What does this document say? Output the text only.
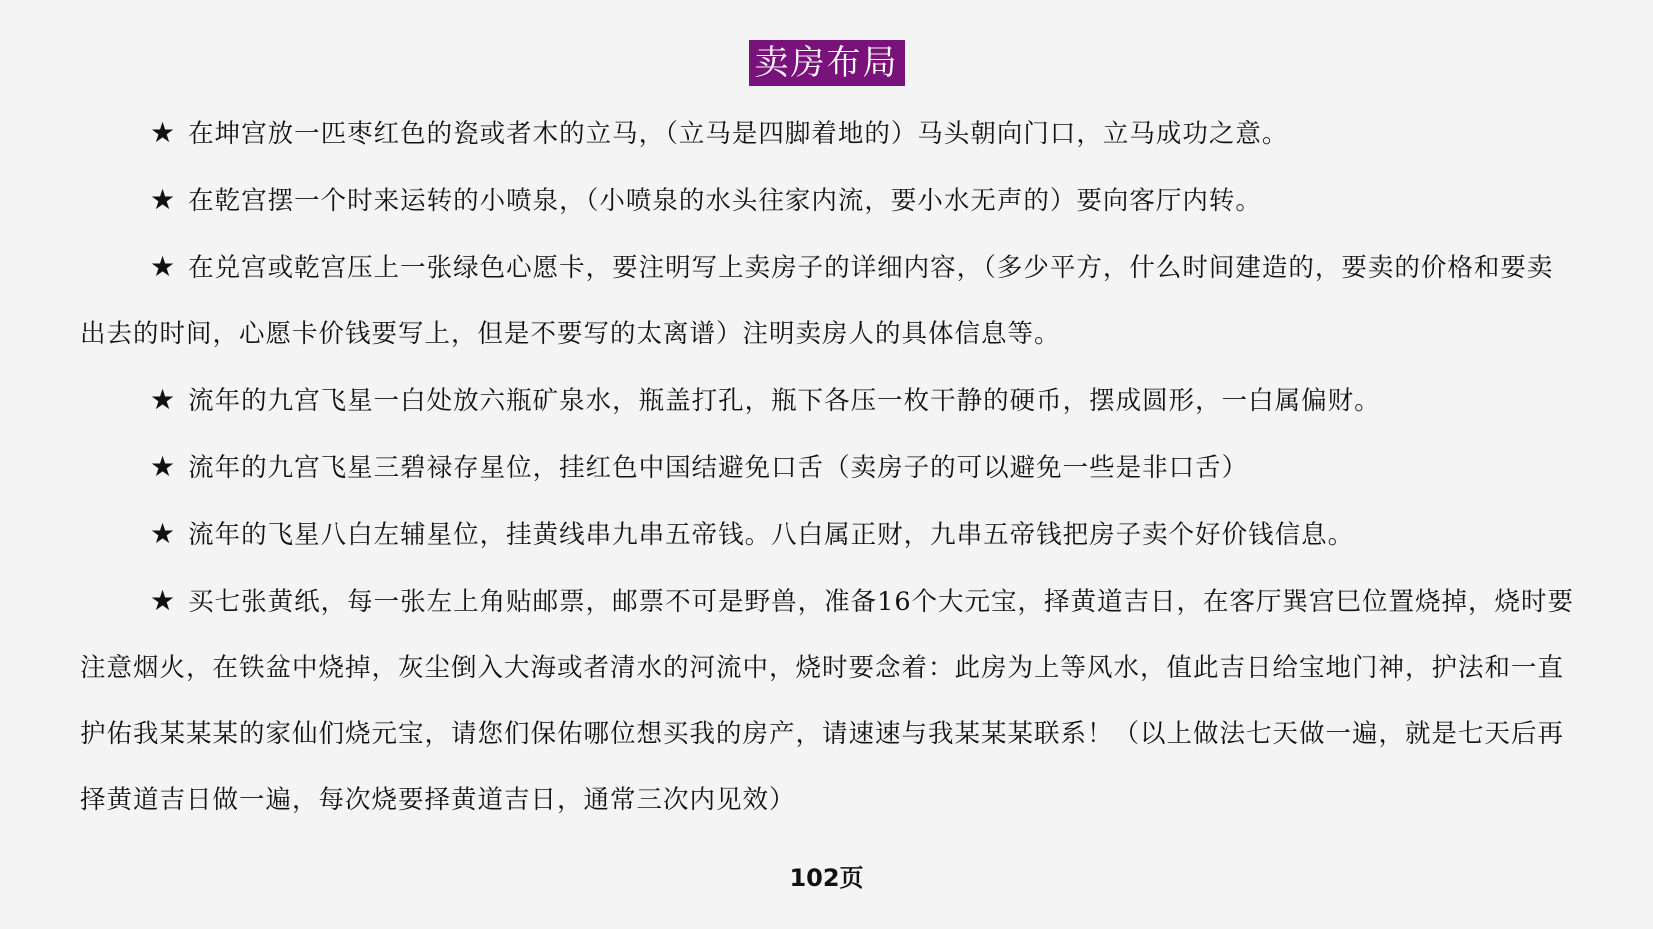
卖房布局

★ 在坤宫放一匹枣红色的瓷或者木的立马，（立马是四脚着地的）马头朝向门口，立马成功之意。

★ 在乾宫摆一个时来运转的小喷泉，（小喷泉的水头往家内流，要小水无声的）要向客厅内转。

★ 在兑宫或乾宫压上一张绿色心愿卡，要注明写上卖房子的详细内容，（多少平方，什么时间建造的，要卖的价格和要卖出去的时间，心愿卡价钱要写上，但是不要写的太离谱）注明卖房人的具体信息等。

★ 流年的九宫飞星一白处放六瓶矿泉水，瓶盖打孔，瓶下各压一枚干静的硬币，摆成圆形，一白属偏财。

★ 流年的九宫飞星三碧禄存星位，挂红色中国结避免口舌（卖房子的可以避免一些是非口舌）

★ 流年的飞星八白左辅星位，挂黄线串九串五帝钱。八白属正财，九串五帝钱把房子卖个好价钱信息。

★ 买七张黄纸，每一张左上角贴邮票，邮票不可是野兽，准备16个大元宝，择黄道吉日，在客厅巽宫巳位置烧掉，烧时要注意烟火，在铁盆中烧掉，灰尘倒入大海或者清水的河流中，烧时要念着：此房为上等风水，值此吉日给宝地门神，护法和一直护佑我某某某的家仙们烧元宝，请您们保佑哪位想买我的房产，请速速与我某某某联系！（以上做法七天做一遍，就是七天后再择黄道吉日做一遍，每次烧要择黄道吉日，通常三次内见效）

102页
